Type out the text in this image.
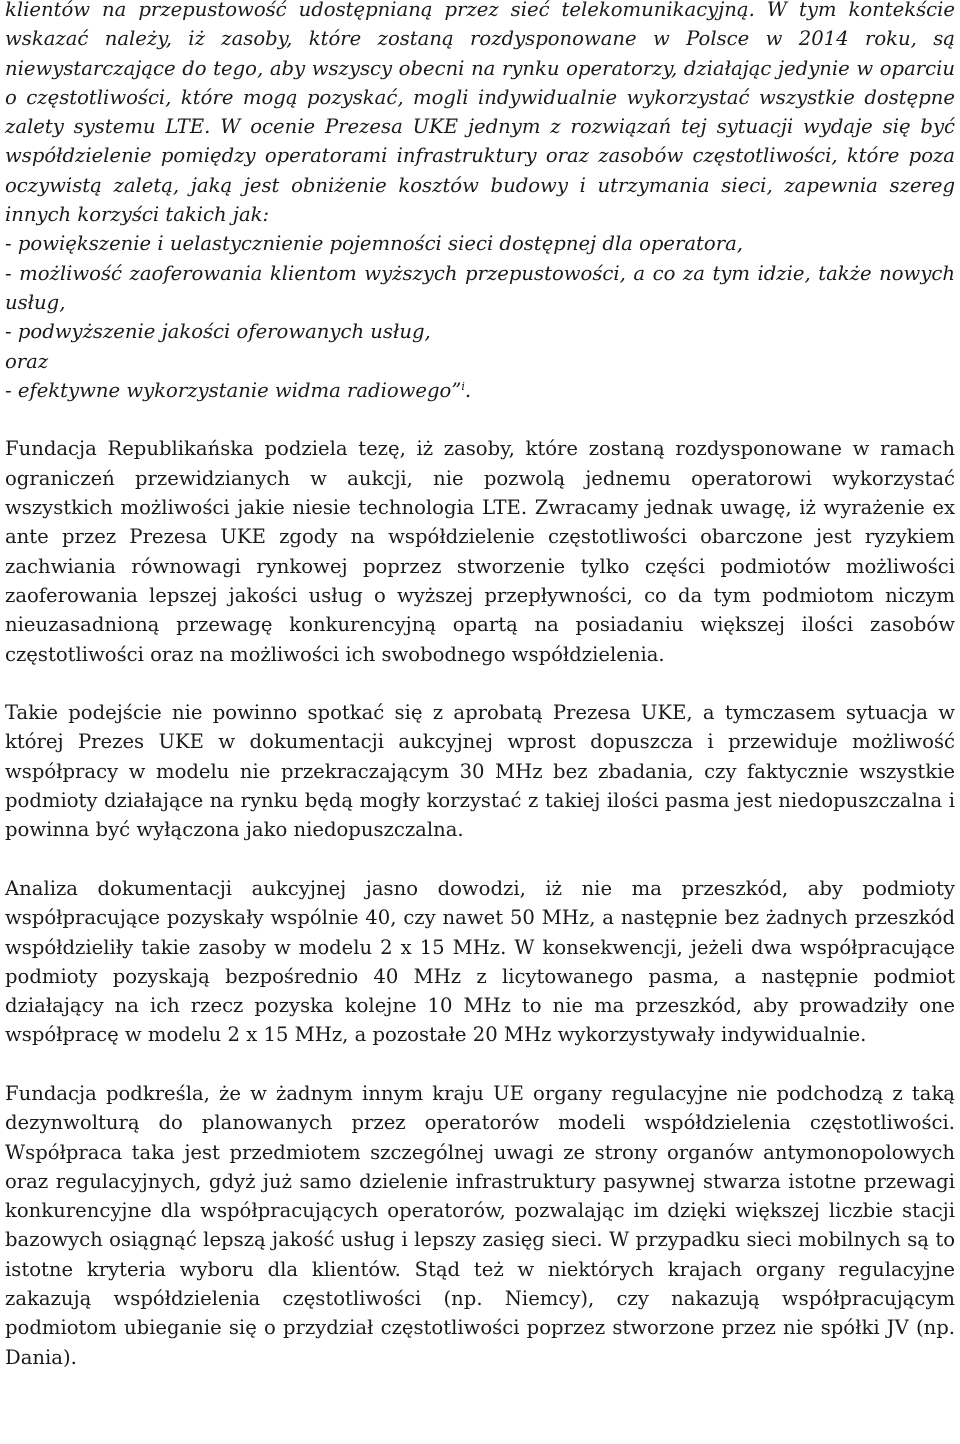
klientów na przepustowość udostępnianą przez sieć telekomunikacyjną. W tym kontekście wskazać należy, iż zasoby, które zostaną rozdysponowane w Polsce w 2014 roku, są niewystarczające do tego, aby wszyscy obecni na rynku operatorzy, działając jedynie w oparciu o częstotliwości, które mogą pozyskać, mogli indywidualnie wykorzystać wszystkie dostępne zalety systemu LTE. W ocenie Prezesa UKE jednym z rozwiązań tej sytuacji wydaje się być współdzielenie pomiędzy operatorami infrastruktury oraz zasobów częstotliwości, które poza oczywistą zaletą, jaką jest obniżenie kosztów budowy i utrzymania sieci, zapewnia szereg innych korzyści takich jak:

- powiększenie i uelastycznienie pojemności sieci dostępnej dla operatora,
- możliwość zaoferowania klientom wyższych przepustowości, a co za tym idzie, także nowych usług,
- podwyższenie jakości oferowanych usług,
oraz
- efektywne wykorzystanie widma radiowego”$^i$.

Fundacja Republikańska podziela tezę, iż zasoby, które zostaną rozdysponowane w ramach ograniczeń przewidzianych w aukcji, nie pozwolą jednemu operatorowi wykorzystać wszystkich możliwości jakie niesie technologia LTE. Zwracamy jednak uwagę, iż wyrażenie ex ante przez Prezesa UKE zgody na współdzielenie częstotliwości obarczone jest ryzykiem zachwiania równowagi rynkowej poprzez stworzenie tylko części podmiotów możliwości zaoferowania lepszej jakości usług o wyższej przepływności, co da tym podmiotom niczym nieuzasadnioną przewagę konkurencyjną opartą na posiadaniu większej ilości zasobów częstotliwości oraz na możliwości ich swobodnego współdzielenia.

Takie podejście nie powinno spotkać się z aprobatą Prezesa UKE, a tymczasem sytuacja w której Prezes UKE w dokumentacji aukcyjnej wprost dopuszcza i przewiduje możliwość współpracy w modelu nie przekraczającym 30 MHz bez zbadania, czy faktycznie wszystkie podmioty działające na rynku będą mogły korzystać z takiej ilości pasma jest niedopuszczalna i powinna być wyłączona jako niedopuszczalna.

Analiza dokumentacji aukcyjnej jasno dowodzi, iż nie ma przeszkód, aby podmioty współpracujące pozyskały wspólnie 40, czy nawet 50 MHz, a następnie bez żadnych przeszkód współdzieliły takie zasoby w modelu 2 x 15 MHz. W konsekwencji, jeżeli dwa współpracujące podmioty pozyskają bezpośrednio 40 MHz z licytowanego pasma, a następnie podmiot działający na ich rzecz pozyska kolejne 10 MHz to nie ma przeszkód, aby prowadziły one współpracę w modelu 2 x 15 MHz, a pozostałe 20 MHz wykorzystywały indywidualnie.

Fundacja podkreśla, że w żadnym innym kraju UE organy regulacyjne nie podchodzą z taką dezynwolturą do planowanych przez operatorów modeli współdzielenia częstotliwości. Współpraca taka jest przedmiotem szczególnej uwagi ze strony organów antymonopolowych oraz regulacyjnych, gdyż już samo dzielenie infrastruktury pasywnej stwarza istotne przewagi konkurencyjne dla współpracujących operatorów, pozwalając im dzięki większej liczbie stacji bazowych osiągnąć lepszą jakość usług i lepszy zasięg sieci. W przypadku sieci mobilnych są to istotne kryteria wyboru dla klientów. Stąd też w niektórych krajach organy regulacyjne zakazują współdzielenia częstotliwości (np. Niemcy), czy nakazują współpracującym podmiotom ubieganie się o przydział częstotliwości poprzez stworzone przez nie spółki JV (np. Dania).
